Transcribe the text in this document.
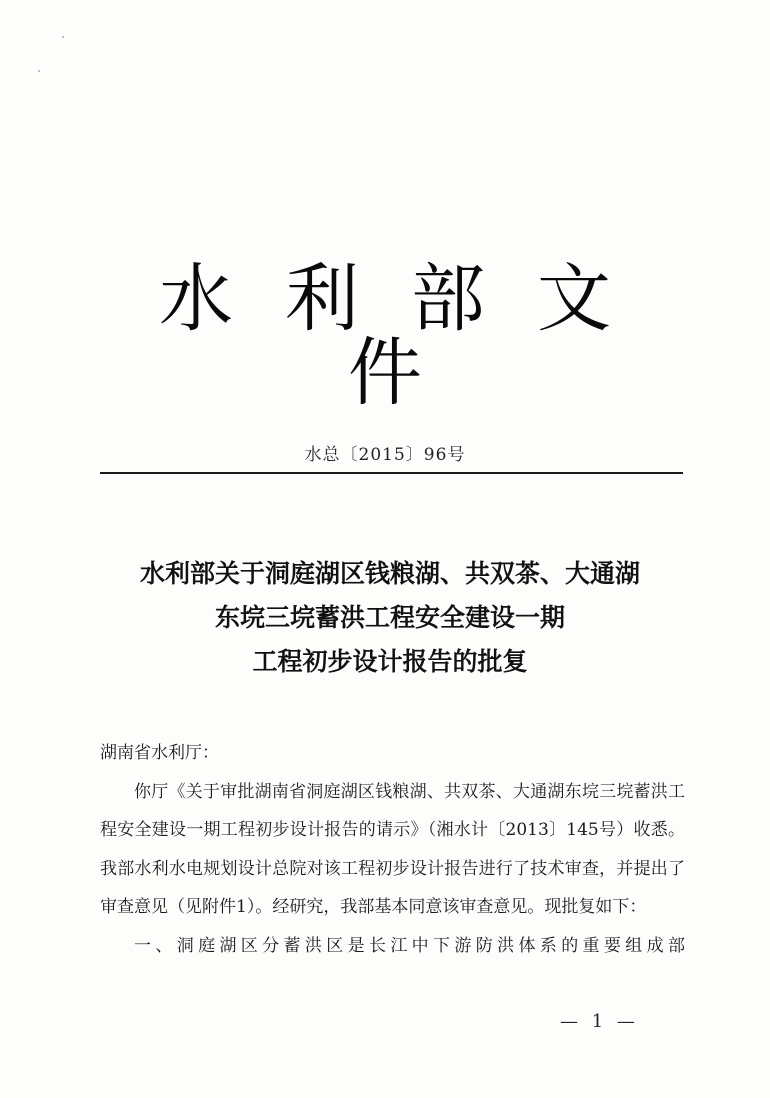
水利部文件
水总〔2015〕96号
水利部关于洞庭湖区钱粮湖、共双茶、大通湖
东垸三垸蓄洪工程安全建设一期
工程初步设计报告的批复

湖南省水利厅：

你厅《关于审批湖南省洞庭湖区钱粮湖、共双茶、大通湖东垸三垸蓄洪工程安全建设一期工程初步设计报告的请示》（湘水计〔2013〕145号）收悉。我部水利水电规划设计总院对该工程初步设计报告进行了技术审查，并提出了审查意见（见附件1）。经研究，我部基本同意该审查意见。现批复如下：

一、洞庭湖区分蓄洪区是长江中下游防洪体系的重要组成部

— 1 —
